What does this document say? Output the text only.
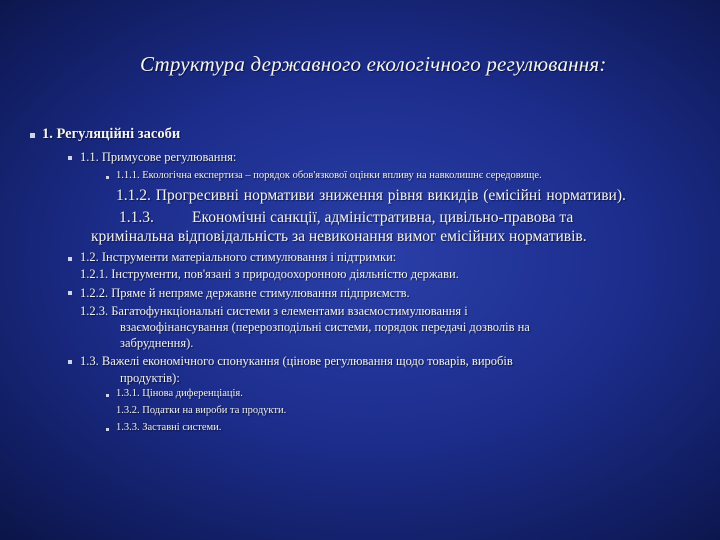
Структура державного екологічного регулювання:
1. Регуляційні засоби
1.1. Примусове регулювання:
1.1.1. Екологічна експертиза – порядок обов'язкової оцінки впливу на навколишнє середовище.
1.1.2. Прогресивні нормативи зниження рівня викидів (емісійні нормативи).
1.1.3. Економічні санкції, адміністративна, цивільно-правова та
кримінальна відповідальність за невиконання вимог емісійних нормативів.
1.2. Інструменти матеріального стимулювання і підтримки:
1.2.1. Інструменти, пов'язані з природоохоронною діяльністю держави.
1.2.2. Пряме й непряме державне стимулювання підприємств.
1.2.3. Багатофункціональні системи з елементами взаємостимулювання і
взаємофінансування (перерозподільні системи, порядок передачі дозволів на
забруднення).
1.3. Важелі економічного спонукання (цінове регулювання щодо товарів, виробів
продуктів):
1.3.1. Цінова диференціація.
1.3.2. Податки на вироби та продукти.
1.3.3. Заставні системи.
